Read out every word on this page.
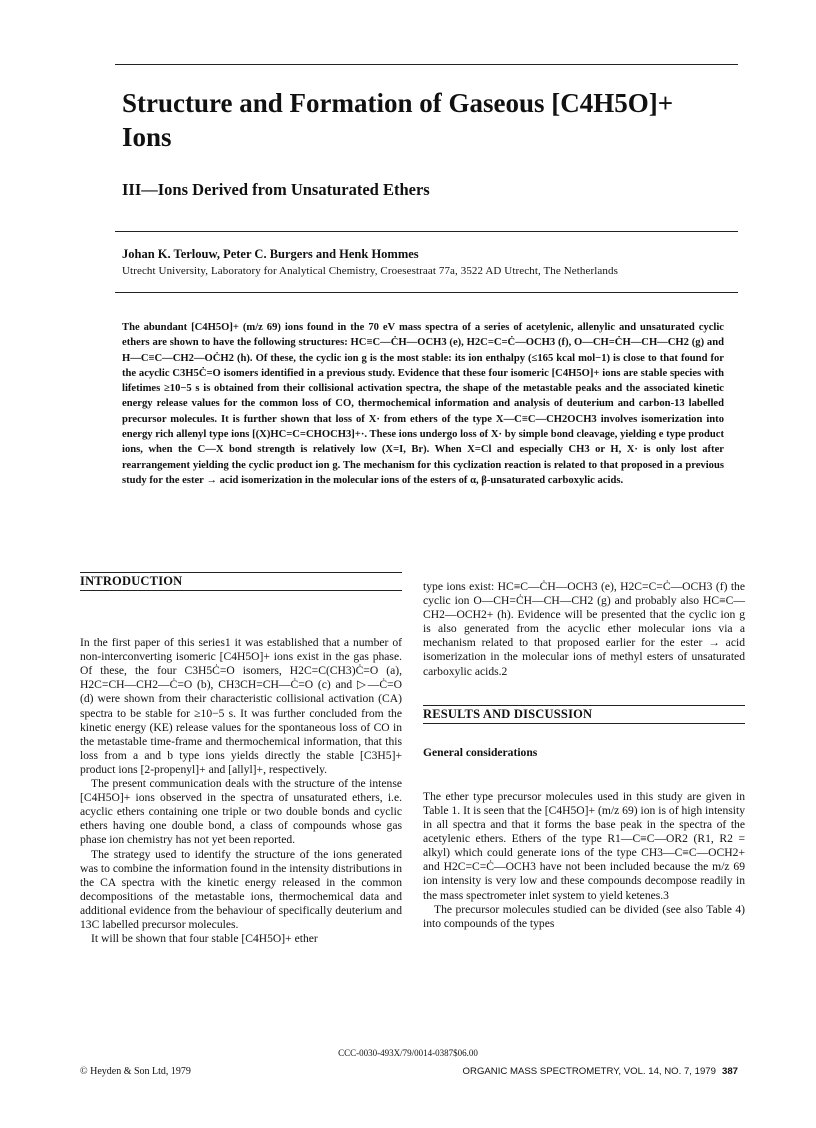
Structure and Formation of Gaseous [C4H5O]+ Ions
III—Ions Derived from Unsaturated Ethers
Johan K. Terlouw, Peter C. Burgers and Henk Hommes
Utrecht University, Laboratory for Analytical Chemistry, Croesestraat 77a, 3522 AD Utrecht, The Netherlands

The abundant [C4H5O]+ (m/z 69) ions found in the 70 eV mass spectra of a series of acetylenic, allenylic and unsaturated cyclic ethers are shown to have the following structures: HC≡C—ĊH—OCH3 (e), H2C=C=Ċ—OCH3 (f), O—CH=ĊH—CH—CH2 (g) and H—C≡C—CH2—OĊH2 (h). Of these, the cyclic ion g is the most stable: its ion enthalpy (≤165 kcal mol−1) is close to that found for the acyclic C3H5Ċ=O isomers identified in a previous study. Evidence that these four isomeric [C4H5O]+ ions are stable species with lifetimes ≥10−5 s is obtained from their collisional activation spectra, the shape of the metastable peaks and the associated kinetic energy release values for the common loss of CO, thermochemical information and analysis of deuterium and carbon-13 labelled precursor molecules. It is further shown that loss of X· from ethers of the type X—C≡C—CH2OCH3 involves isomerization into energy rich allenyl type ions [(X)HC=C=CHOCH3]+·. These ions undergo loss of X· by simple bond cleavage, yielding e type product ions, when the C—X bond strength is relatively low (X=I, Br). When X=Cl and especially CH3 or H, X· is only lost after rearrangement yielding the cyclic product ion g. The mechanism for this cyclization reaction is related to that proposed in a previous study for the ester → acid isomerization in the molecular ions of the esters of α, β-unsaturated carboxylic acids.

INTRODUCTION

In the first paper of this series1 it was established that a number of non-interconverting isomeric [C4H5O]+ ions exist in the gas phase. Of these, the four C3H5Ċ=O isomers, H2C=C(CH3)Ċ=O (a), H2C=CH—CH2—Ċ=O (b), CH3CH=CH—Ċ=O (c) and ▷—Ċ=O (d) were shown from their characteristic collisional activation (CA) spectra to be stable for ≥10−5 s. It was further concluded from the kinetic energy (KE) release values for the spontaneous loss of CO in the metastable time-frame and thermochemical information, that this loss from a and b type ions yields directly the stable [C3H5]+ product ions [2-propenyl]+ and [allyl]+, respectively.

The present communication deals with the structure of the intense [C4H5O]+ ions observed in the spectra of unsaturated ethers, i.e. acyclic ethers containing one triple or two double bonds and cyclic ethers having one double bond, a class of compounds whose gas phase ion chemistry has not yet been reported.

The strategy used to identify the structure of the ions generated was to combine the information found in the intensity distributions in the CA spectra with the kinetic energy released in the common decompositions of the metastable ions, thermochemical data and additional evidence from the behaviour of specifically deuterium and 13C labelled precursor molecules.

It will be shown that four stable [C4H5O]+ ether

type ions exist: HC≡C—ĊH—OCH3 (e), H2C=C=Ċ—OCH3 (f) the cyclic ion O—CH=ĊH—CH—CH2 (g) and probably also HC≡C—CH2—OCH2+ (h). Evidence will be presented that the cyclic ion g is also generated from the acyclic ether molecular ions via a mechanism related to that proposed earlier for the ester → acid isomerization in the molecular ions of methyl esters of unsaturated carboxylic acids.2

RESULTS AND DISCUSSION
General considerations

The ether type precursor molecules used in this study are given in Table 1. It is seen that the [C4H5O]+ (m/z 69) ion is of high intensity in all spectra and that it forms the base peak in the spectra of the acetylenic ethers. Ethers of the type R1—C≡C—OR2 (R1, R2 = alkyl) which could generate ions of the type CH3—C≡C—OCH2+ and H2C=C=Ċ—OCH3 have not been included because the m/z 69 ion intensity is very low and these compounds decompose readily in the mass spectrometer inlet system to yield ketenes.3

The precursor molecules studied can be divided (see also Table 4) into compounds of the types

CCC-0030-493X/79/0014-0387$06.00
© Heyden & Son Ltd, 1979	ORGANIC MASS SPECTROMETRY, VOL. 14, NO. 7, 1979 387
